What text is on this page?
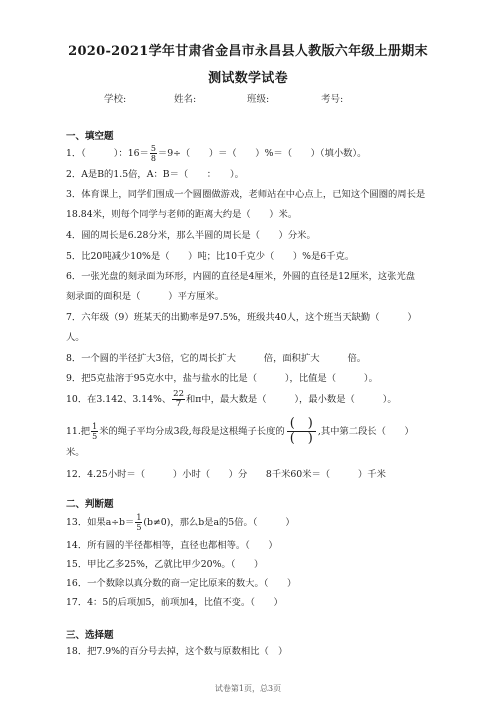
2020-2021学年甘肃省金昌市永昌县人教版六年级上册期末
测试数学试卷
学校:	姓名:	班级:	考号:
一、填空题
1．（　　　）：$16= \frac{5}{8} =9\div$（　　）＝（　　）%＝（　　）（填小数）。
2．A是B的1.5倍，A：B＝（　　：　　）。
3．体育课上，同学们围成一个圆圈做游戏，老师站在中心点上，已知这个圆圈的周长是
18.84米，则每个同学与老师的距离大约是（　　）米。
4．圆的周长是6.28分米，那么半圆的周长是（　　）分米。
5．比20吨减少10%是（　　）吨；比10千克少（　　）%是6千克。
6．一张光盘的刻录面为环形，内圆的直径是4厘米，外圆的直径是12厘米，这张光盘
刻录面的面积是（　　　）平方厘米。
7．六年级（9）班某天的出勤率是97.5%，班级共40人，这个班当天缺勤（　　　）
人。
8．一个圆的半径扩大3倍，它的周长扩大　　　倍，面积扩大　　　倍。
9．把5克盐溶于95克水中，盐与盐水的比是（　　　），比值是（　　　）。
10．在3.142、3.14%、 $\frac{22}{7}$ 和π中，最大数是（　　　），最小数是（　　　）。
11.把 $\frac{1}{5}$ 米的绳子平均分成3段,每段是这根绳子长度的 $\frac{( )}{( )}$ ,其中第二段长（　　）
米。
12．4.25小时＝（　　　）小时（　　）分　　8千米60米＝（　　　）千米
二、判断题
13．如果$a\div b= \frac{1}{5} (b\ne 0)$，那么b是a的5倍。（　　　）
14．所有圆的半径都相等，直径也都相等。（　　）
15．甲比乙多25%，乙就比甲少20%。（　　）
16．一个数除以真分数的商一定比原来的数大。（　　）
17．4：5的后项加5，前项加4，比值不变。（　　）
三、选择题
18．把7.9%的百分号去掉，这个数与原数相比（　）
试卷第1页，总3页
